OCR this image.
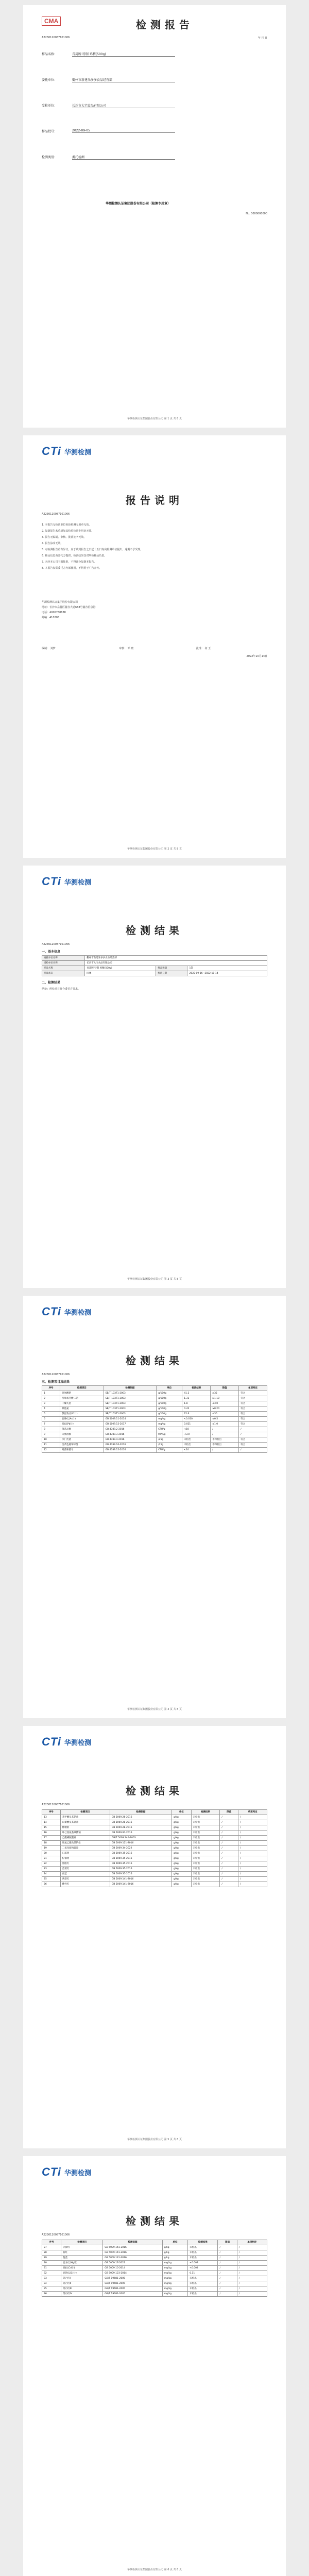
CMA	检测报告
A2230120087101006	年 月 日
样品名称：	青蒿牌 特制 鸡精(500g)
委托单位：	衢州市新建乐多多食品经营部
受检单位：	长沙市大宅食品有限公司
样品批号：	2022-09-05
检测类别：	委托检测
华测检测认证集团股份有限公司（检测专用章）
No. 0000000000
华测检测认证集团股份有限公司 第 1 页 共 8 页
CTi 华测检测
报告说明
A2230120087101006
1. 本报告无检测单位检验检测专用章无效。
2. 复制报告未重新加盖检验检测专用章无效。
3. 报告无编制、审核、批准签字无效。
4. 报告涂改无效。
5. 对检测报告若有异议，应于收到报告之日起十五日内向检测单位提出，逾期不予受理。
6. 样品信息由委托方提供，检测结果仅对所检样品负责。
7. 未经本公司书面批准，不得部分复制本报告。
8. 本报告仅供委托方内部使用，不得用于广告宣传。
华测检测认证集团股份有限公司
地址：长沙市岳麓区麓谷大道658号麓谷信息港
电话：4006788888
邮编：410205
编制： 刘梦	审核： 邹 晓	批准： 何 玉
2022年10月14日
华测检测认证集团股份有限公司 第 2 页 共 8 页
CTi 华测检测
检测结果
A2230120087101006
一、基本信息
委托单位名称	衢州市新建乐多多食品经营部		
受检单位名称	长沙市大宅食品有限公司		
样品名称	青蒿牌 特制 鸡精(500g)	样品数量	1袋
样品状态	固体	检测日期	2022-09-16~2022-10-14
二、检测结果
结论：所检项目符合委托方要求。
华测检测认证集团股份有限公司 第 3 页 共 8 页
CTi 华测检测
检测结果
A2230120087101006
三、检测项目及结果
序号	检测项目	检测依据	单位	检测结果	限值	单项判定
1	谷氨酸钠	SB/T 10371-2003	g/100g	41.2	≥35	符合
2	呈味核苷酸二钠	SB/T 10371-2003	g/100g	1.31	≥1.10	符合
3	干燥失重	SB/T 10371-2003	g/100g	1.8	≤3.0	符合
4	其他氮	SB/T 10371-2003	g/100g	0.42	≥0.20	符合
5	氯化物(以Cl计)	SB/T 10371-2003	g/100g	22.6	≤30	符合
6	总砷(以As计)	GB 5009.11-2014	mg/kg	<0.010	≤0.5	符合
7	铅(以Pb计)	GB 5009.12-2017	mg/kg	0.021	≤1.0	符合
8	菌落总数	GB 4789.2-2016	CFU/g	<10	/	/
9	大肠菌群	GB 4789.3-2016	MPN/g	<3.0	/	/
10	沙门氏菌	GB 4789.4-2016	/25g	未检出	不得检出	符合
11	金黄色葡萄球菌	GB 4789.10-2016	/25g	未检出	不得检出	符合
12	霉菌和酵母	GB 4789.15-2016	CFU/g	<10	/	/
华测检测认证集团股份有限公司 第 4 页 共 8 页
CTi 华测检测
检测结果
A2230120087101006
序号	检测项目	检测依据	单位	检测结果	限值	单项判定
13	苯甲酸及其钠盐	GB 5009.28-2016	g/kg	未检出	/	/
14	山梨酸及其钾盐	GB 5009.28-2016	g/kg	未检出	/	/
15	糖精钠	GB 5009.28-2016	g/kg	未检出	/	/
16	环己基氨基磺酸钠	GB 5009.97-2016	g/kg	未检出	/	/
17	乙酰磺胺酸钾	GB/T 5009.140-2003	g/kg	未检出	/	/
18	脱氢乙酸及其钠盐	GB 5009.121-2016	g/kg	未检出	/	/
19	二氧化硫残留量	GB 5009.34-2022	g/kg	未检出	/	/
20	日落黄	GB 5009.35-2016	g/kg	未检出	/	/
21	柠檬黄	GB 5009.35-2016	g/kg	未检出	/	/
22	胭脂红	GB 5009.35-2016	g/kg	未检出	/	/
23	苋菜红	GB 5009.35-2016	g/kg	未检出	/	/
24	亮蓝	GB 5009.35-2016	g/kg	未检出	/	/
25	诱惑红	GB 5009.141-2016	g/kg	未检出	/	/
26	酸性红	GB 5009.141-2016	g/kg	未检出	/	/
华测检测认证集团股份有限公司 第 5 页 共 8 页
CTi 华测检测
检测结果
A2230120087101006
序号	检测项目	检测依据	单位	检测结果	限值	单项判定
27	赤藓红	GB 5009.141-2016	g/kg	未检出	/	/
28	新红	GB 5009.141-2016	g/kg	未检出	/	/
29	靛蓝	GB 5009.141-2016	g/kg	未检出	/	/
30	总汞(以Hg计)	GB 5009.17-2021	mg/kg	<0.003	/	/
31	镉(以Cd计)	GB 5009.15-2014	mg/kg	<0.004	/	/
32	总铬(以Cr计)	GB 5009.123-2014	mg/kg	0.11	/	/
33	苏丹红I	GB/T 19681-2005	mg/kg	未检出	/	/
34	苏丹红II	GB/T 19681-2005	mg/kg	未检出	/	/
35	苏丹红III	GB/T 19681-2005	mg/kg	未检出	/	/
36	苏丹红IV	GB/T 19681-2005	mg/kg	未检出	/	/
华测检测认证集团股份有限公司 第 6 页 共 8 页
